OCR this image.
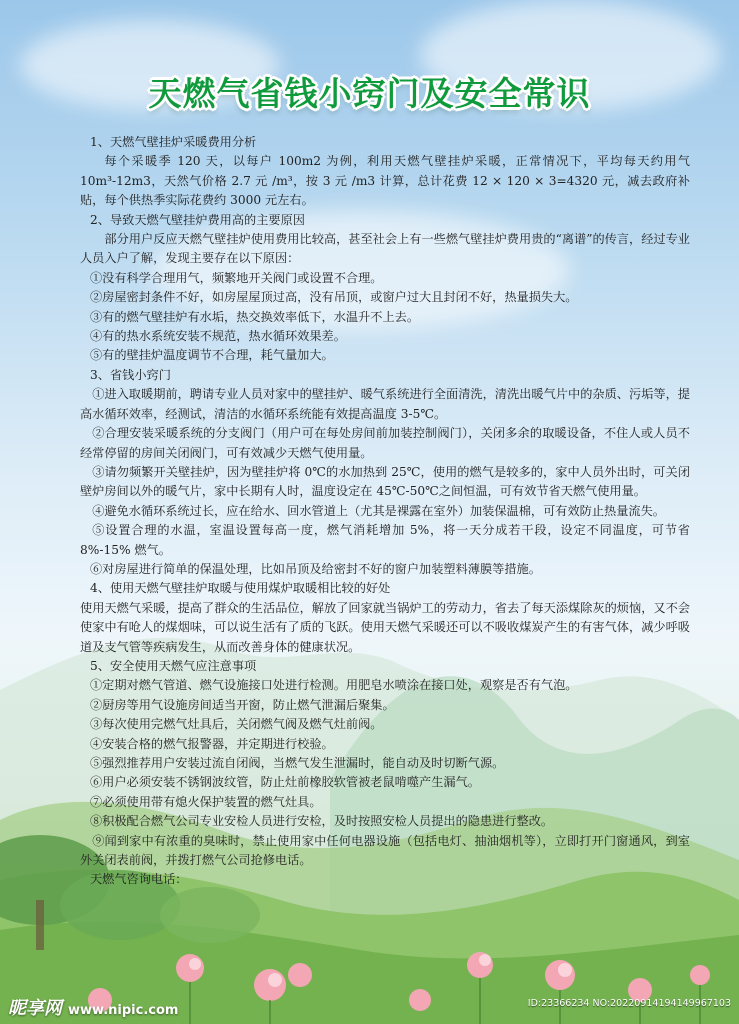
天燃气省钱小窍门及安全常识

1、天燃气壁挂炉采暖费用分析

每个采暖季 120 天，以每户 100m2 为例，利用天燃气壁挂炉采暖，正常情况下，平均每天约用气 10m³-12m3，天然气价格 2.7 元 /m³，按 3 元 /m3 计算，总计花费 12 × 120 × 3=4320 元，减去政府补贴，每个供热季实际花费约 3000 元左右。

2、导致天燃气壁挂炉费用高的主要原因

部分用户反应天燃气壁挂炉使用费用比较高，甚至社会上有一些燃气壁挂炉费用贵的“离谱”的传言，经过专业人员入户了解，发现主要存在以下原因：

①没有科学合理用气，频繁地开关阀门或设置不合理。

②房屋密封条件不好，如房屋屋顶过高，没有吊顶，或窗户过大且封闭不好，热量损失大。

③有的燃气壁挂炉有水垢，热交换效率低下，水温升不上去。

④有的热水系统安装不规范，热水循环效果差。

⑤有的壁挂炉温度调节不合理，耗气量加大。

3、省钱小窍门

①进入取暖期前，聘请专业人员对家中的壁挂炉、暖气系统进行全面清洗，清洗出暖气片中的杂质、污垢等，提高水循环效率，经测试，清洁的水循环系统能有效提高温度 3-5℃。

②合理安装采暖系统的分支阀门（用户可在每处房间前加装控制阀门），关闭多余的取暖设备，不住人或人员不经常停留的房间关闭阀门，可有效减少天燃气使用量。

③请勿频繁开关壁挂炉，因为壁挂炉将 0℃的水加热到 25℃，使用的燃气是较多的，家中人员外出时，可关闭壁炉房间以外的暖气片，家中长期有人时，温度设定在 45℃-50℃之间恒温，可有效节省天燃气使用量。

④避免水循环系统过长，应在给水、回水管道上（尤其是裸露在室外）加装保温棉，可有效防止热量流失。

⑤设置合理的水温，室温设置每高一度，燃气消耗增加 5%，将一天分成若干段，设定不同温度，可节省 8%-15% 燃气。

⑥对房屋进行简单的保温处理，比如吊顶及给密封不好的窗户加装塑料薄膜等措施。

4、使用天燃气壁挂炉取暖与使用煤炉取暖相比较的好处

使用天燃气采暖，提高了群众的生活品位，解放了回家就当锅炉工的劳动力，省去了每天添煤除灰的烦恼，又不会使家中有呛人的煤烟味，可以说生活有了质的飞跃。使用天燃气采暖还可以不吸收煤炭产生的有害气体，减少呼吸道及支气管等疾病发生，从而改善身体的健康状况。

5、安全使用天燃气应注意事项

①定期对燃气管道、燃气设施接口处进行检测。用肥皂水喷涂在接口处，观察是否有气泡。

②厨房等用气设施房间适当开窗，防止燃气泄漏后聚集。

③每次使用完燃气灶具后，关闭燃气阀及燃气灶前阀。

④安装合格的燃气报警器，并定期进行校验。

⑤强烈推荐用户安装过流自闭阀，当燃气发生泄漏时，能自动及时切断气源。

⑥用户必须安装不锈钢波纹管，防止灶前橡胶软管被老鼠啃噬产生漏气。

⑦必须使用带有熄火保护装置的燃气灶具。

⑧积极配合燃气公司专业安检人员进行安检，及时按照安检人员提出的隐患进行整改。

⑨闻到家中有浓重的臭味时，禁止使用家中任何电器设施（包括电灯、抽油烟机等），立即打开门窗通风，到室外关闭表前阀，并拨打燃气公司抢修电话。

天燃气咨询电话：

昵享网 www.nipic.com	ID:23366234 NO:20220914194149967103
